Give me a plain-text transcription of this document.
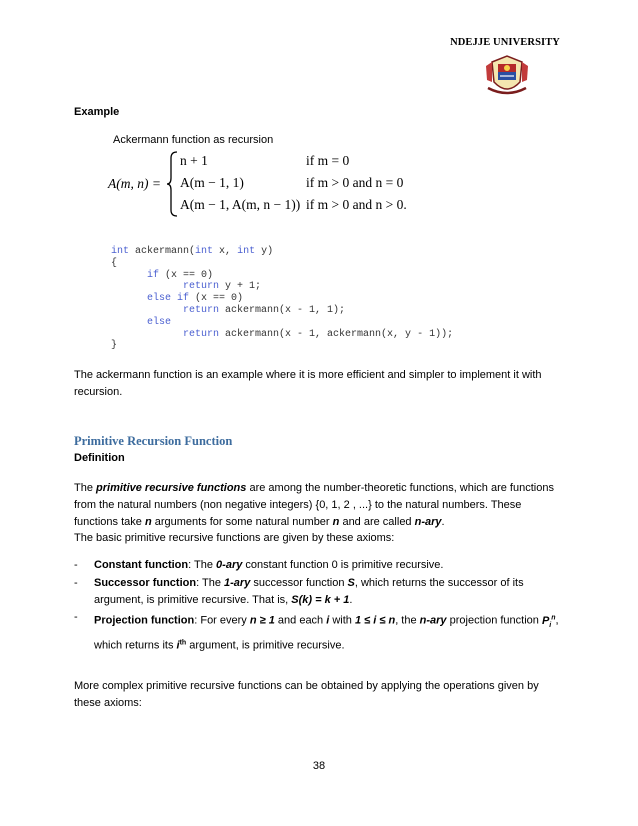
NDEJJE UNIVERSITY
Example
Ackermann function as recursion
A(m, n) =
n + 1	if m = 0
A(m − 1, 1)	if m > 0 and n = 0
A(m − 1, A(m, n − 1)) if m > 0 and n > 0.
int ackermann(int x, int y)
{
if (x == 0)
return y + 1;
else if (x == 0)
return ackermann(x - 1, 1);
else
return ackermann(x - 1, ackermann(x, y - 1));
}
The ackermann function is an example where it is more efficient and simpler to implement it with recursion.
Primitive Recursion Function
Definition
The primitive recursive functions are among the number-theoretic functions, which are functions from the natural numbers (non negative integers) {0, 1, 2 , ...} to the natural numbers. These functions take n arguments for some natural number n and are called n-ary.
The basic primitive recursive functions are given by these axioms:
- Constant function: The 0-ary constant function 0 is primitive recursive.
- Successor function: The 1-ary successor function S, which returns the successor of its argument, is primitive recursive. That is, S(k) = k + 1.
- Projection function: For every n ≥ 1 and each i with 1 ≤ i ≤ n, the n-ary projection function $P_i^n$, which returns its $i^{th}$ argument, is primitive recursive.
More complex primitive recursive functions can be obtained by applying the operations given by these axioms:
38
